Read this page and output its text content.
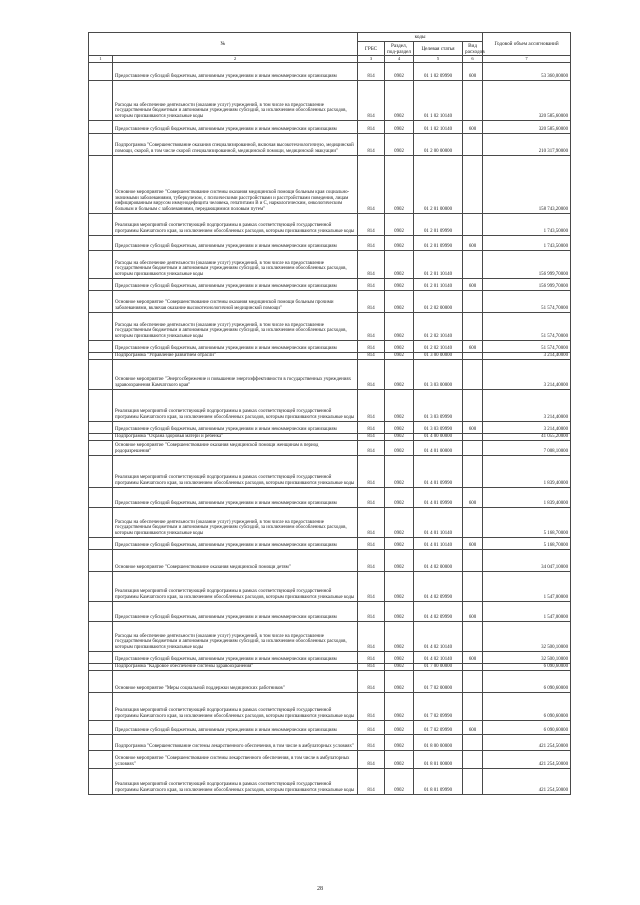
№		коды				Годовой объем ассигнований
		ГРБС	Раздел, под-раздел	Целевая статья	Вид расходов	
1	2	3	4	5	6	7
	Предоставление субсидий бюджетным, автономным учреждениям и иным некоммерческим организациям	814	0902	01 1 02 09990	600	53 360,00000
	Расходы на обеспечение деятельности (оказание услуг) учреждений, в том числе на предоставление государственным бюджетным и автономным учреждениям субсидий, за исключением обособленных расходов, которым присваиваются уникальные коды	814	0902	01 1 02 10140		320 585,60000
	Предоставление субсидий бюджетным, автономным учреждениям и иным некоммерческим организациям	814	0902	01 1 02 10140	600	320 585,60000
	Подпрограмма "Совершенствование оказания специализированной, включая высокотехнологичную, медицинской помощи, скорой, в том числе скорой специализированной, медицинской помощи, медицинской эвакуации"	814	0902	01 2 00 00000		210 317,90000
	Основное мероприятие "Совершенствование системы оказания медицинской помощи больным края социально-значимыми заболеваниями, туберкулезом, с психическими расстройствами и расстройствами поведения, лицам инфицированным вирусом иммунодефицита человека, гепатитами В и С, наркологическим, онкологическим больным и больным с заболеваниями, передающимися половым путем"	814	0902	01 2 01 00000		158 743,20000
	Реализация мероприятий соответствующей подпрограммы в рамках соответствующей государственной программы Камчатского края, за исключением обособленных расходов, которым присваиваются уникальные коды	814	0902	01 2 01 09990		1 743,50000
	Предоставление субсидий бюджетным, автономным учреждениям и иным некоммерческим организациям	814	0902	01 2 01 09990	600	1 743,50000
	Расходы на обеспечение деятельности (оказание услуг) учреждений, в том числе на предоставление государственным бюджетным и автономным учреждениям субсидий, за исключением обособленных расходов, которым присваиваются уникальные коды	814	0902	01 2 01 10140		156 999,70000
	Предоставление субсидий бюджетным, автономным учреждениям и иным некоммерческим организациям	814	0902	01 2 01 10140	600	156 999,70000
	Основное мероприятие "Совершенствование системы оказания медицинской помощи больным прочими заболеваниями, включая оказание высокотехнологичной медицинской помощи"	814	0902	01 2 02 00000		51 574,70000
	Расходы на обеспечение деятельности (оказание услуг) учреждений, в том числе на предоставление государственным бюджетным и автономным учреждениям субсидий, за исключением обособленных расходов, которым присваиваются уникальные коды	814	0902	01 2 02 10140		51 574,70000
	Предоставление субсидий бюджетным, автономным учреждениям и иным некоммерческим организациям	814	0902	01 2 02 10140	600	51 574,70000
	Подпрограмма "Управление развитием отрасли"	814	0902	01 3 00 00000		3 214,40000
	Основное мероприятие "Энергосбережение и повышение энергоэффективности в государственных учреждениях здравоохранения Камчатского края"	814	0902	01 3 03 00000		3 214,40000
	Реализация мероприятий соответствующей подпрограммы в рамках соответствующей государственной программы Камчатского края, за исключением обособленных расходов, которым присваиваются уникальные коды	814	0902	01 3 03 09990		3 214,40000
	Предоставление субсидий бюджетным, автономным учреждениям и иным некоммерческим организациям	814	0902	01 3 03 09990	600	3 214,40000
	Подпрограмма "Охрана здоровья матери и ребенка"	814	0902	01 4 00 00000		41 055,20000
	Основное мероприятие "Совершенствование оказания медицинской помощи женщинам в период родоразрешения"	814	0902	01 4 01 00000		7 008,10000
	Реализация мероприятий соответствующей подпрограммы в рамках соответствующей государственной программы Камчатского края, за исключением обособленных расходов, которым присваиваются уникальные коды	814	0902	01 4 01 09990		1 839,40000
	Предоставление субсидий бюджетным, автономным учреждениям и иным некоммерческим организациям	814	0902	01 4 01 09990	600	1 839,40000
	Расходы на обеспечение деятельности (оказание услуг) учреждений, в том числе на предоставление государственным бюджетным и автономным учреждениям субсидий, за исключением обособленных расходов, которым присваиваются уникальные коды	814	0902	01 4 01 10140		5 168,70000
	Предоставление субсидий бюджетным, автономным учреждениям и иным некоммерческим организациям	814	0902	01 4 01 10140	600	5 168,70000
	Основное мероприятие "Совершенствование оказания медицинской помощи детям"	814	0902	01 4 02 00000		34 047,10000
	Реализация мероприятий соответствующей подпрограммы в рамках соответствующей государственной программы Камчатского края, за исключением обособленных расходов, которым присваиваются уникальные коды	814	0902	01 4 02 09990		1 547,00000
	Предоставление субсидий бюджетным, автономным учреждениям и иным некоммерческим организациям	814	0902	01 4 02 09990	600	1 547,00000
	Расходы на обеспечение деятельности (оказание услуг) учреждений, в том числе на предоставление государственным бюджетным и автономным учреждениям субсидий, за исключением обособленных расходов, которым присваиваются уникальные коды	814	0902	01 4 02 10140		32 500,10000
	Предоставление субсидий бюджетным, автономным учреждениям и иным некоммерческим организациям	814	0902	01 4 02 10140	600	32 500,10000
	Подпрограмма "Кадровое обеспечение системы здравоохранения"	814	0902	01 7 00 00000		6 090,60000
	Основное мероприятие "Меры социальной поддержки медицинских работников"	814	0902	01 7 02 00000		6 090,60000
	Реализация мероприятий соответствующей подпрограммы в рамках соответствующей государственной программы Камчатского края, за исключением обособленных расходов, которым присваиваются уникальные коды	814	0902	01 7 02 09990		6 090,60000
	Предоставление субсидий бюджетным, автономным учреждениям и иным некоммерческим организациям	814	0902	01 7 02 09990	600	6 090,60000
	Подпрограмма "Совершенствование системы лекарственного обеспечения, в том числе в амбулаторных условиях"	814	0902	01 8 00 00000		421 254,50000
	Основное мероприятие "Совершенствование системы лекарственного обеспечения, в том числе в амбулаторных условиях"	814	0902	01 8 01 00000		421 254,50000
	Реализация мероприятий соответствующей подпрограммы в рамках соответствующей государственной программы Камчатского края, за исключением обособленных расходов, которым присваиваются уникальные коды	814	0902	01 8 01 09990		421 254,50000
28
